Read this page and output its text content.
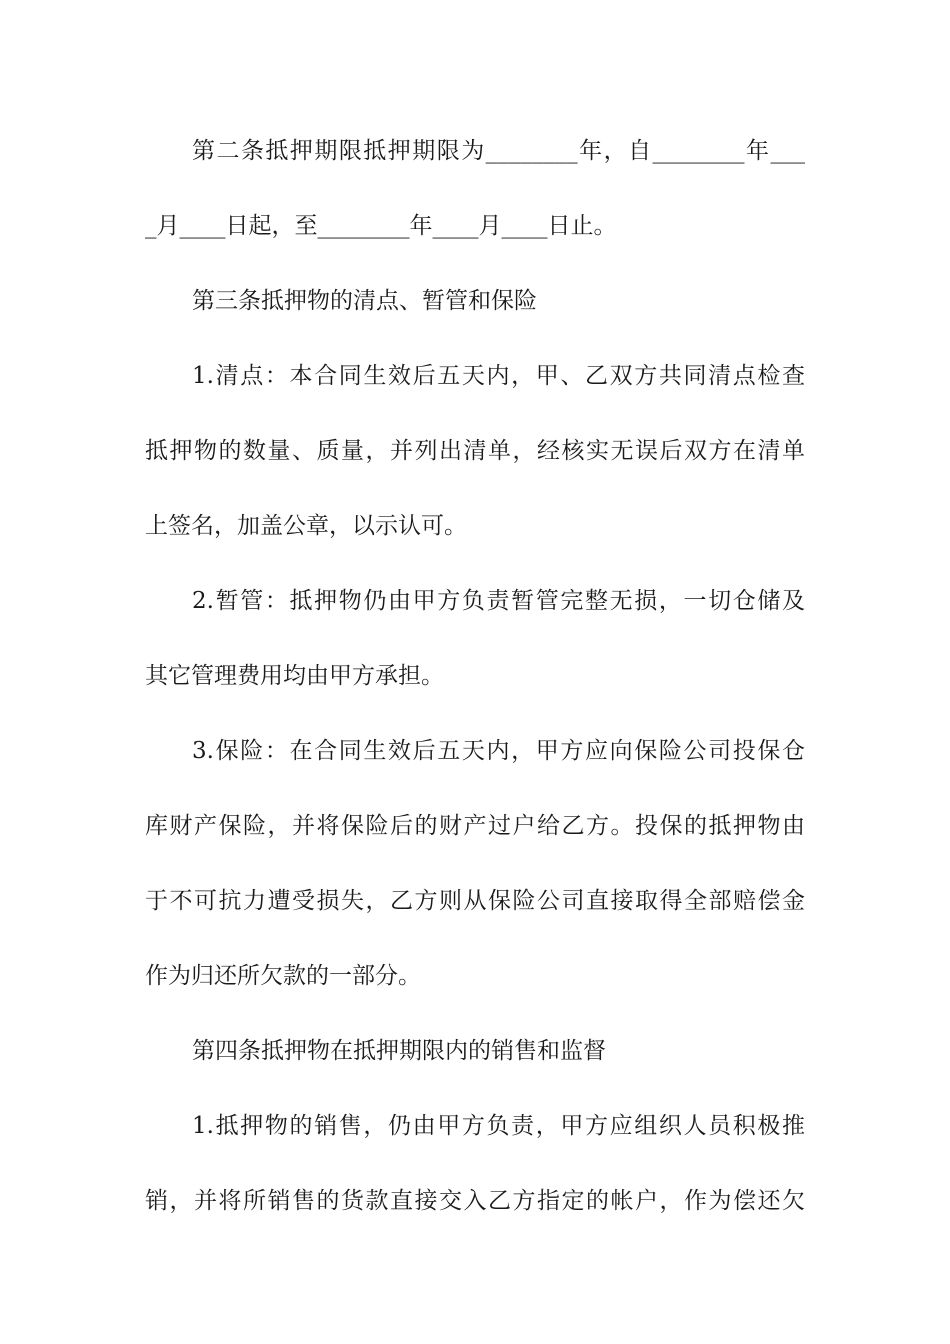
第二条抵押期限抵押期限为________年，自________年___
_月____日起，至________年____月____日止。
第三条抵押物的清点、暂管和保险
1.清点：本合同生效后五天内，甲、乙双方共同清点检查
抵押物的数量、质量，并列出清单，经核实无误后双方在清单
上签名，加盖公章，以示认可。
2.暂管：抵押物仍由甲方负责暂管完整无损，一切仓储及
其它管理费用均由甲方承担。
3.保险：在合同生效后五天内，甲方应向保险公司投保仓
库财产保险，并将保险后的财产过户给乙方。投保的抵押物由
于不可抗力遭受损失，乙方则从保险公司直接取得全部赔偿金
作为归还所欠款的一部分。
第四条抵押物在抵押期限内的销售和监督
1.抵押物的销售，仍由甲方负责，甲方应组织人员积极推
销，并将所销售的货款直接交入乙方指定的帐户，作为偿还欠
